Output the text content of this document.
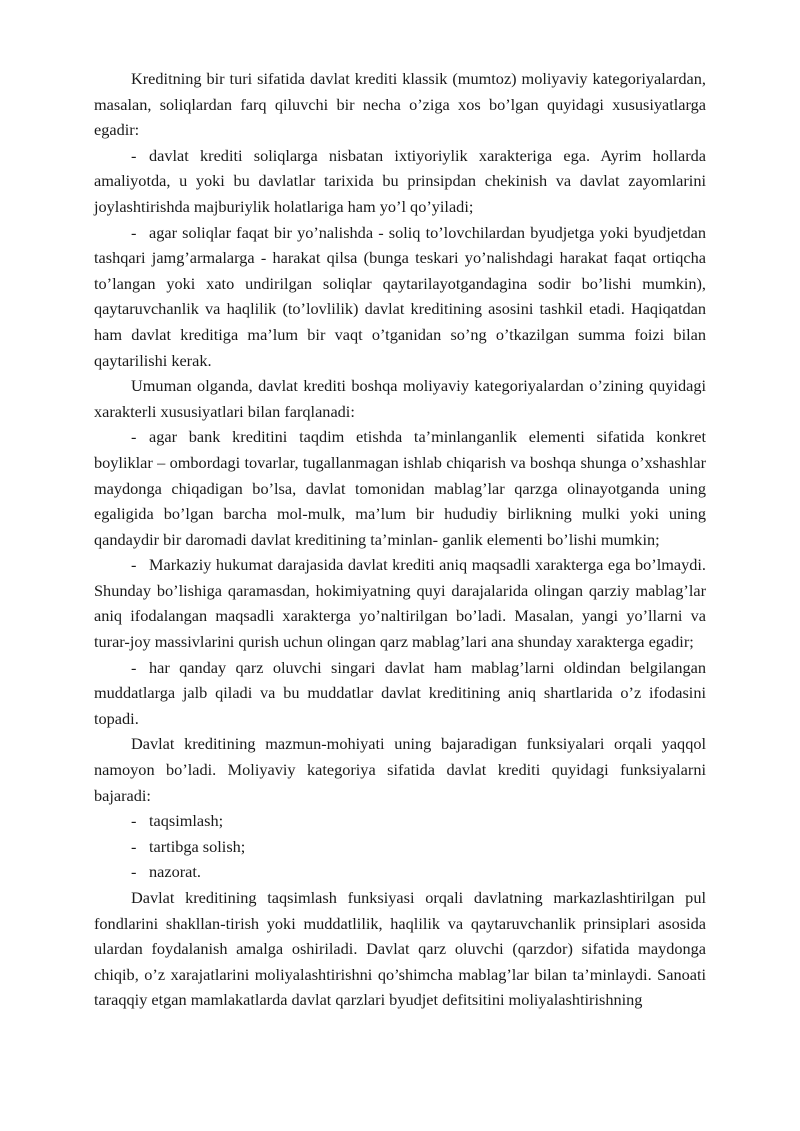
Kreditning bir turi sifatida davlat krediti klassik (mumtoz) moliyaviy kategoriyalardan, masalan, soliqlardan farq qiluvchi bir necha o’ziga xos bo’lgan quyidagi xususiyatlarga egadir:

- davlat krediti soliqlarga nisbatan ixtiyoriylik xarakteriga ega. Ayrim hollarda amaliyotda, u yoki bu davlatlar tarixida bu prinsipdan chekinish va davlat zayomlarini joylashtirishda majburiylik holatlariga ham yo’l qo’yiladi;

- agar soliqlar faqat bir yo’nalishda - soliq to’lovchilardan byudjetga yoki byudjetdan tashqari jamg’armalarga - harakat qilsa (bunga teskari yo’nalishdagi harakat faqat ortiqcha to’langan yoki xato undirilgan soliqlar qaytarilayotgandagina sodir bo’lishi mumkin), qaytaruvchanlik va haqlilik (to’lovlilik) davlat kreditining asosini tashkil etadi. Haqiqatdan ham davlat kreditiga ma’lum bir vaqt o’tganidan so’ng o’tkazilgan summa foizi bilan qaytarilishi kerak.

Umuman olganda, davlat krediti boshqa moliyaviy kategoriyalardan o’zining quyidagi xarakterli xususiyatlari bilan farqlanadi:

- agar bank kreditini taqdim etishda ta’minlanganlik elementi sifatida konkret boyliklar – ombordagi tovarlar, tugallanmagan ishlab chiqarish va boshqa shunga o’xshashlar maydonga chiqadigan bo’lsa, davlat tomonidan mablag’lar qarzga olinayotganda uning egaligida bo’lgan barcha mol-mulk, ma’lum bir hududiy birlikning mulki yoki uning qandaydir bir daromadi davlat kreditining ta’minlan- ganlik elementi bo’lishi mumkin;

- Markaziy hukumat darajasida davlat krediti aniq maqsadli xarakterga ega bo’lmaydi. Shunday bo’lishiga qaramasdan, hokimiyatning quyi darajalarida olingan qarziy mablag’lar aniq ifodalangan maqsadli xarakterga yo’naltirilgan bo’ladi. Masalan, yangi yo’llarni va turar-joy massivlarini qurish uchun olingan qarz mablag’lari ana shunday xarakterga egadir;

- har qanday qarz oluvchi singari davlat ham mablag’larni oldindan belgilangan muddatlarga jalb qiladi va bu muddatlar davlat kreditining aniq shartlarida o’z ifodasini topadi.

Davlat kreditining mazmun-mohiyati uning bajaradigan funksiyalari orqali yaqqol namoyon bo’ladi. Moliyaviy kategoriya sifatida davlat krediti quyidagi funksiyalarni bajaradi:

- taqsimlash;

- tartibga solish;

- nazorat.

Davlat kreditining taqsimlash funksiyasi orqali davlatning markazlashtirilgan pul fondlarini shakllan-tirish yoki muddatlilik, haqlilik va qaytaruvchanlik prinsiplari asosida ulardan foydalanish amalga oshiriladi. Davlat qarz oluvchi (qarzdor) sifatida maydonga chiqib, o’z xarajatlarini moliyalashtirishni qo’shimcha mablag’lar bilan ta’minlaydi. Sanoati taraqqiy etgan mamlakatlarda davlat qarzlari byudjet defitsitini moliyalashtirishning
